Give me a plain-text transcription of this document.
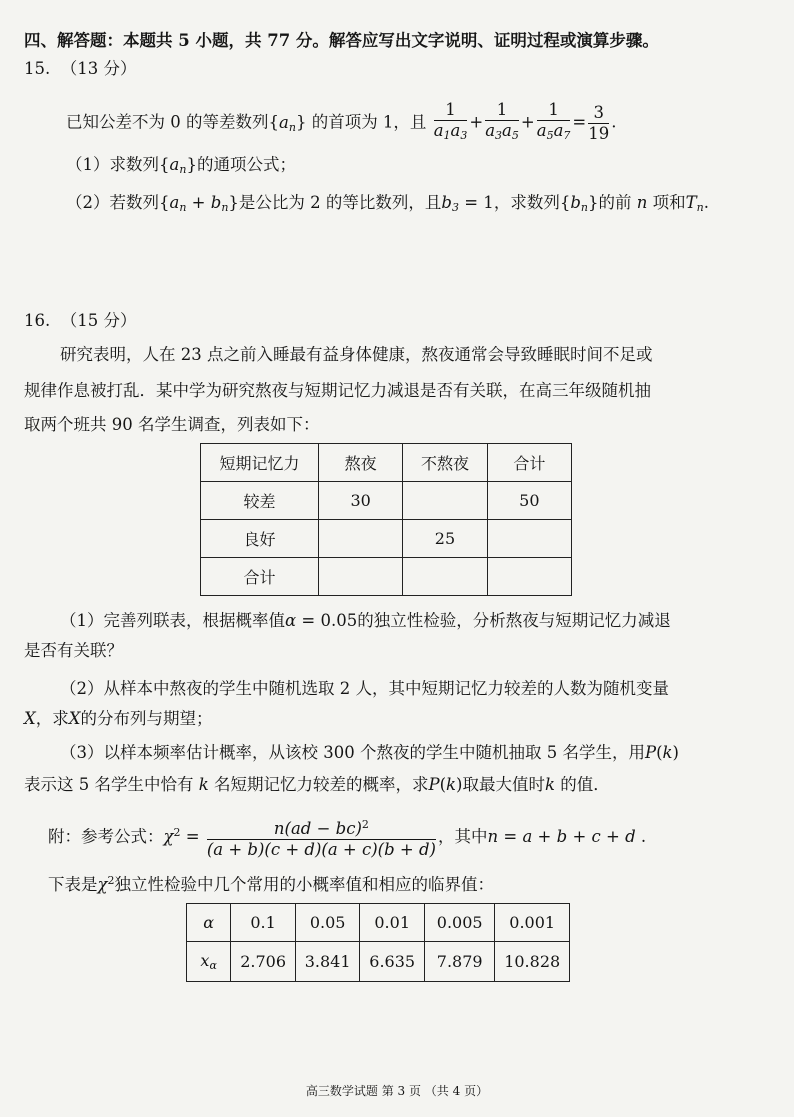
四、解答题：本题共 5 小题，共 77 分。解答应写出文字说明、证明过程或演算步骤。
15. （13 分）
已知公差不为 0 的等差数列$\{a_n\}$ 的首项为 1，且 $\frac{1}{a_1a_3} + \frac{1}{a_3a_5} + \frac{1}{a_5a_7} = \frac{3}{19}$ .
（1）求数列$\{a_n\}$的通项公式；
（2）若数列$\{a_n + b_n\}$是公比为 2 的等比数列，且$b_3 = 1$，求数列$\{b_n\}$的前 n 项和$T_n$.
16. （15 分）
研究表明，人在 23 点之前入睡最有益身体健康，熬夜通常会导致睡眠时间不足或
规律作息被打乱．某中学为研究熬夜与短期记忆力减退是否有关联，在高三年级随机抽
取两个班共 90 名学生调查，列表如下：
短期记忆力	熬夜	不熬夜	合计
较差	30		50
良好		25	
合计			
（1）完善列联表，根据概率值α = 0.05的独立性检验，分析熬夜与短期记忆力减退
是否有关联？
（2）从样本中熬夜的学生中随机选取 2 人，其中短期记忆力较差的人数为随机变量
X，求X的分布列与期望；
（3）以样本频率估计概率，从该校 300 个熬夜的学生中随机抽取 5 名学生，用P(k)
表示这 5 名学生中恰有 k 名短期记忆力较差的概率，求P(k)取最大值时k 的值．
附：参考公式：$\chi^2 = \frac{n(ad - bc)^2}{(a + b)(c + d)(a + c)(b + d)}$ ，其中n = a + b + c + d .
下表是$\chi^2$独立性检验中几个常用的小概率值和相应的临界值：
α	0.1	0.05	0.01	0.005	0.001
$x_\alpha$	2.706	3.841	6.635	7.879	10.828
高三数学试题 第 3 页 （共 4 页）
